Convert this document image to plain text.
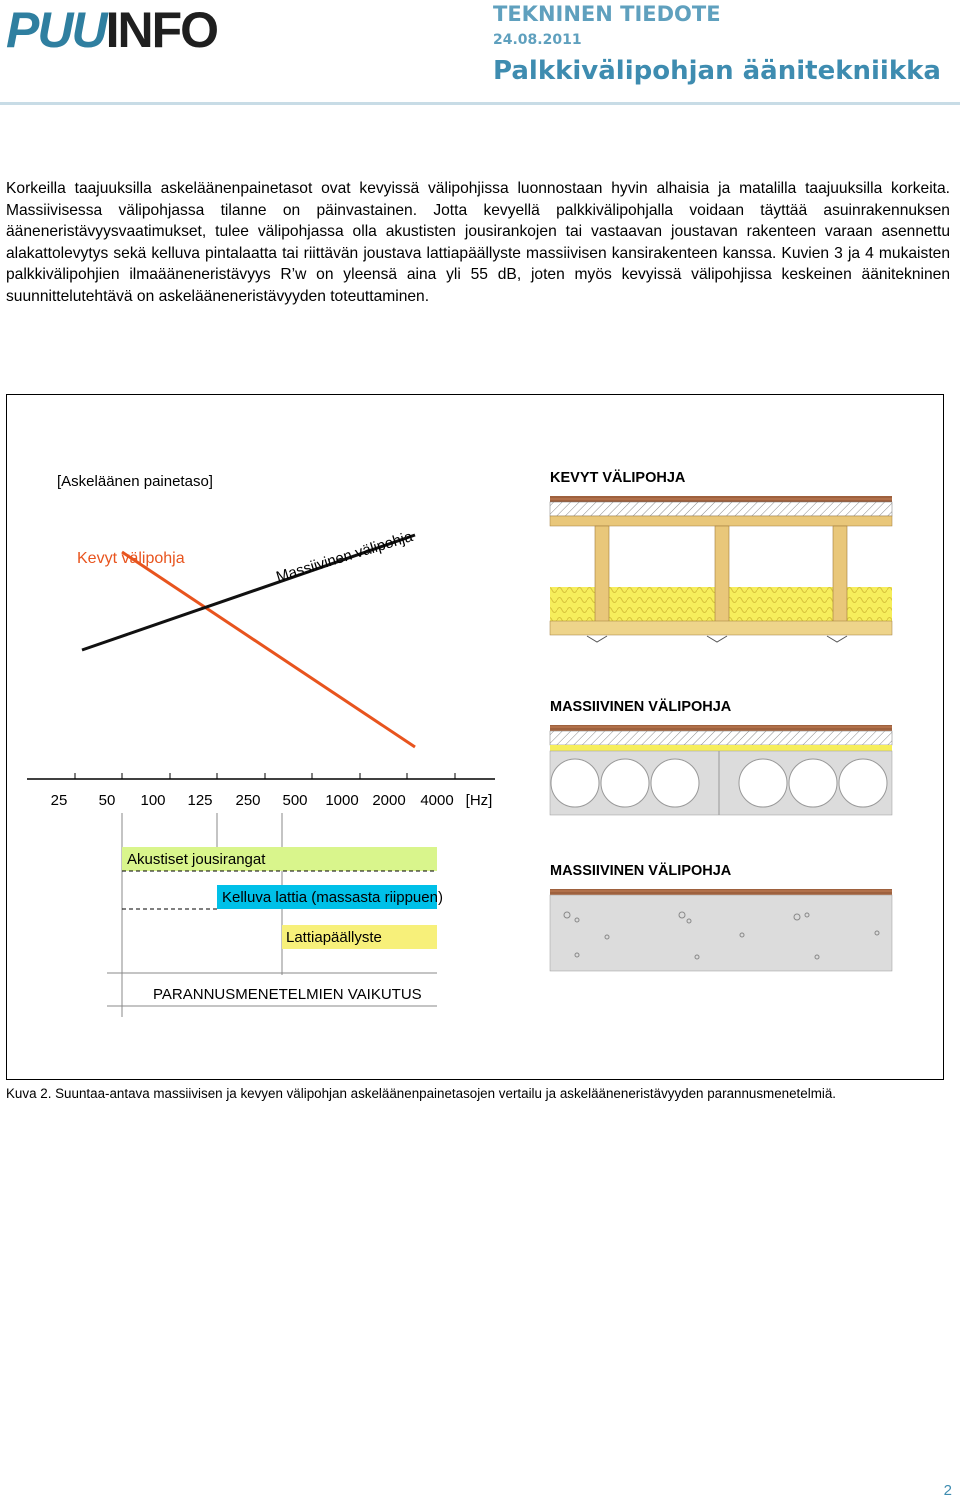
PUUINFO	TEKNINEN TIEDOTE
24.08.2011
Palkkivälipohjan äänitekniikka

Korkeilla taajuuksilla askeläänenpainetasot ovat kevyissä välipohjissa luonnostaan hyvin alhaisia ja matalilla taajuuksilla korkeita. Massiivisessa välipohjassa tilanne on päinvastainen. Jotta kevyellä palkkivälipohjalla voidaan täyttää asuinrakennuksen ääneneristävyysvaatimukset, tulee välipohjassa olla akustisten jousirankojen tai vastaavan joustavan rakenteen varaan asennettu alakattolevytys sekä kelluva pintalaatta tai riittävän joustava lattiapäällyste massiivisen kansirakenteen kanssa. Kuvien 3 ja 4 mukaisten palkkivälipohjien ilmaääneneristävyys R’w on yleensä aina yli 55 dB, joten myös kevyissä välipohjissa keskeinen äänitekninen suunnittelutehtävä on askelääneneristävyyden toteuttaminen.

[Askeläänen painetaso]
Kevyt välipohja	Massiivinen välipohja
25 50 100 125 250 500 1000 2000 4000 [Hz]
Akustiset jousirangat
Kelluva lattia (massasta riippuen)
Lattiapäällyste
PARANNUSMENETELMIEN VAIKUTUS
KEVYT VÄLIPOHJA
MASSIIVINEN VÄLIPOHJA
MASSIIVINEN VÄLIPOHJA
Kuva 2. Suuntaa-antava massiivisen ja kevyen välipohjan askeläänenpainetasojen vertailu ja askelääneneristävyyden parannusmenetelmiä.
2
